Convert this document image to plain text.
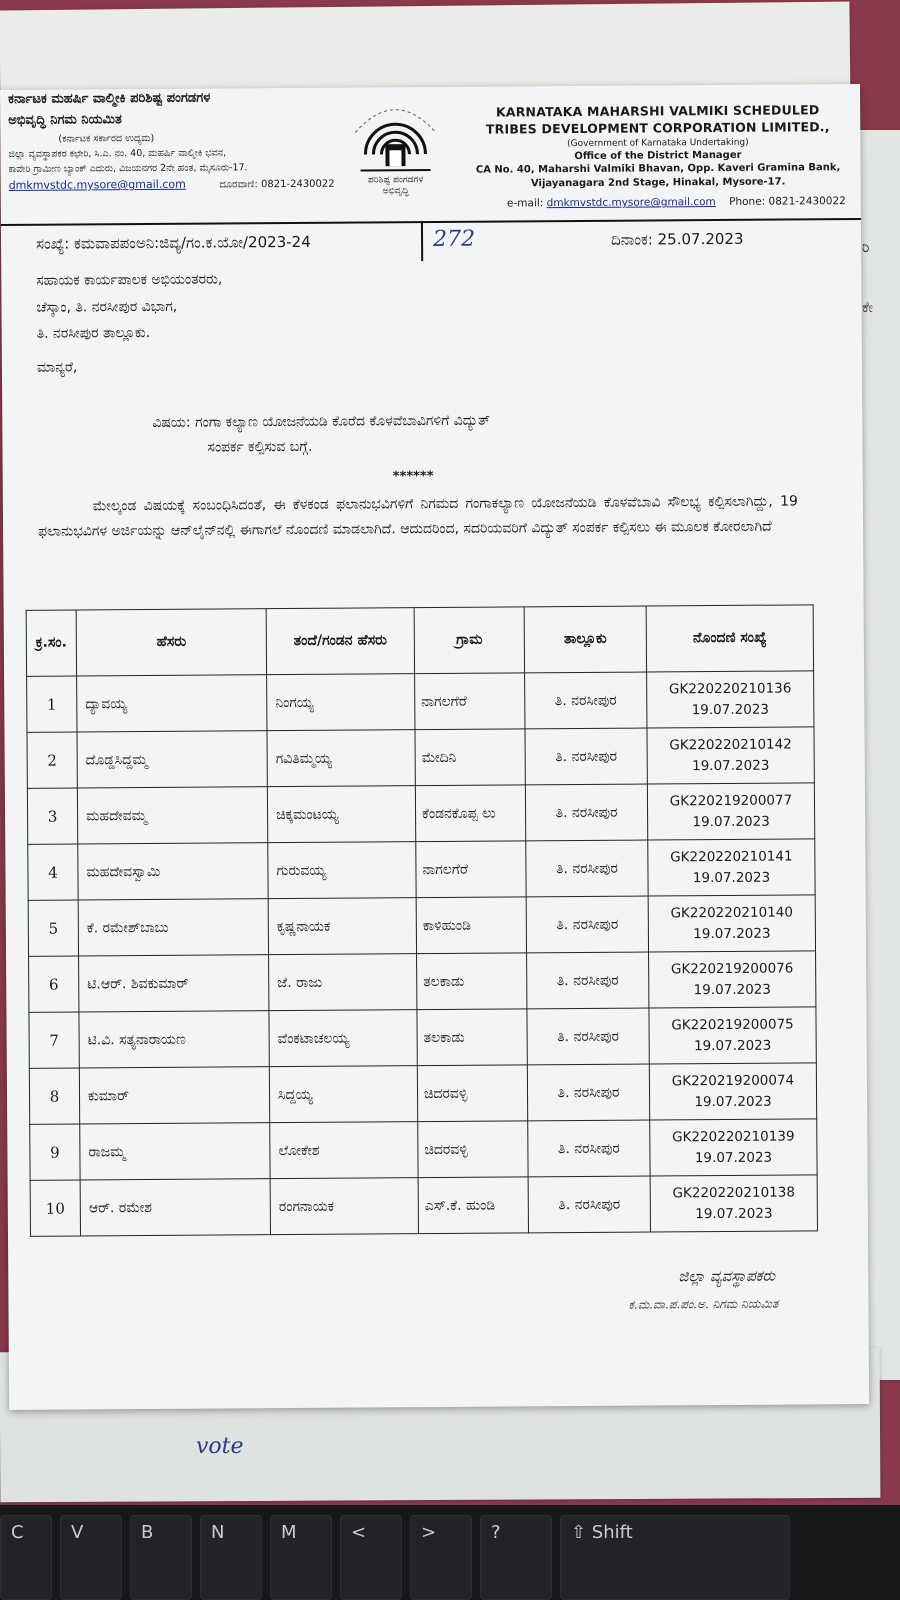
vote
ಕರ್ನಾಟಕ ಮಹರ್ಷಿ ವಾಲ್ಮೀಕಿ ಪರಿಶಿಷ್ಟ ಪಂಗಡಗಳ
ಅಭಿವೃದ್ಧಿ ನಿಗಮ ನಿಯಮಿತ
(ಕರ್ನಾಟಕ ಸರ್ಕಾರದ ಉದ್ಯಮ)
ಜಿಲ್ಲಾ ವ್ಯವಸ್ಥಾಪಕರ ಕಛೇರಿ, ಸಿ.ಎ. ನಂ. 40, ಮಹರ್ಷಿ ವಾಲ್ಮೀಕಿ ಭವನ,
ಕಾವೇರಿ ಗ್ರಾಮೀಣ ಬ್ಯಾಂಕ್ ಎದುರು, ವಿಜಯನಗರ 2ನೇ ಹಂತ, ಮೈಸೂರು-17.
dmkmvstdc.mysore@gmail.com	ದೂರವಾಣಿ: 0821-2430022	ಪರಿಶಿಷ್ಟ ಪಂಗಡಗಳ
ಅಭಿವೃದ್ಧಿ
KARNATAKA MAHARSHI VALMIKI SCHEDULED
TRIBES DEVELOPMENT CORPORATION LIMITED.,
(Government of Karnataka Undertaking)
Office of the District Manager
CA No. 40, Maharshi Valmiki Bhavan, Opp. Kaveri Gramina Bank,
Vijayanagara 2nd Stage, Hinakal, Mysore-17.
e-mail: dmkmvstdc.mysore@gmail.com Phone: 0821-2430022
ಸಂಖ್ಯೆ: ಕಮವಾಪಪಂಅನಿ:ಜಿವ್ಯ/ಗಂ.ಕ.ಯೋ/2023-24	272	ದಿನಾಂಕ: 25.07.2023
ಸಹಾಯಕ ಕಾರ್ಯಪಾಲಕ ಅಭಿಯಂತರರು,
ಚೆಸ್ಕಾಂ, ತಿ. ನರಸೀಪುರ ವಿಭಾಗ,
ತಿ. ನರಸೀಪುರ ತಾಲ್ಲೂಕು.
ಮಾನ್ಯರೆ,
ವಿಷಯ: ಗಂಗಾ ಕಲ್ಯಾಣ ಯೋಜನೆಯಡಿ ಕೊರೆದ ಕೊಳವೆಬಾವಿಗಳಿಗೆ ವಿದ್ಯುತ್
ಸಂಪರ್ಕ ಕಲ್ಪಿಸುವ ಬಗ್ಗೆ.
******
ಮೇಲ್ಕಂಡ ವಿಷಯಕ್ಕೆ ಸಂಬಂಧಿಸಿದಂತೆ, ಈ ಕೆಳಕಂಡ ಫಲಾನುಭವಿಗಳಿಗೆ ನಿಗಮದ ಗಂಗಾಕಲ್ಯಾಣ ಯೋಜನೆಯಡಿ ಕೊಳವೆಬಾವಿ ಸೌಲಭ್ಯ ಕಲ್ಪಿಸಲಾಗಿದ್ದು, 19 ಫಲಾನುಭವಿಗಳ ಅರ್ಜಿಯನ್ನು ಆನ್‌ಲೈನ್‌ನಲ್ಲಿ ಈಗಾಗಲೆ ನೊಂದಣಿ ಮಾಡಲಾಗಿದೆ. ಆದುದರಿಂದ, ಸದರಿಯವರಿಗೆ ವಿದ್ಯುತ್ ಸಂಪರ್ಕ ಕಲ್ಪಿಸಲು ಈ ಮೂಲಕ ಕೋರಲಾಗಿದೆ
ಕ್ರ.ಸಂ.	ಹೆಸರು	ತಂದೆ/ಗಂಡನ ಹೆಸರು	ಗ್ರಾಮ	ತಾಲ್ಲೂಕು	ನೊಂದಣಿ ಸಂಖ್ಯೆ
1	ದ್ಯಾವಯ್ಯ	ನಿಂಗಯ್ಯ	ನಾಗಲಗೆರೆ	ತಿ. ನರಸೀಪುರ	GK220220210136
19.07.2023

2	ದೊಡ್ಡಸಿದ್ದಮ್ಮ	ಗವಿತಿಮ್ಮಯ್ಯ	ಮೇದಿನಿ	ತಿ. ನರಸೀಪುರ	GK220220210142
19.07.2023

3	ಮಹದೇವಮ್ಮ	ಚಿಕ್ಕಮಂಟಯ್ಯ	ಕೆಂಡನಕೊಪ್ಪ ಲು	ತಿ. ನರಸೀಪುರ	GK220219200077
19.07.2023

4	ಮಹದೇವಸ್ವಾಮಿ	ಗುರುವಯ್ಯ	ನಾಗಲಗೆರೆ	ತಿ. ನರಸೀಪುರ	GK220220210141
19.07.2023

5	ಕೆ. ರಮೇಶ್‌ಬಾಬು	ಕೃಷ್ಣನಾಯಕ	ಕಾಳಿಹುಂಡಿ	ತಿ. ನರಸೀಪುರ	GK220220210140
19.07.2023

6	ಟಿ.ಆರ್. ಶಿವಕುಮಾರ್	ಜೆ. ರಾಜು	ತಲಕಾಡು	ತಿ. ನರಸೀಪುರ	GK220219200076
19.07.2023

7	ಟಿ.ವಿ. ಸತ್ಯನಾರಾಯಣ	ವೆಂಕಟಾಚಲಯ್ಯ	ತಲಕಾಡು	ತಿ. ನರಸೀಪುರ	GK220219200075
19.07.2023

8	ಕುಮಾರ್	ಸಿದ್ದಯ್ಯ	ಚಿದರವಳ್ಳಿ	ತಿ. ನರಸೀಪುರ	GK220219200074
19.07.2023

9	ರಾಜಮ್ಮ	ಲೋಕೇಶ	ಚಿದರವಳ್ಳಿ	ತಿ. ನರಸೀಪುರ	GK220220210139
19.07.2023

10	ಆರ್. ರಮೇಶ	ರಂಗನಾಯಕ	ಎಸ್.ಕೆ. ಹುಂಡಿ	ತಿ. ನರಸೀಪುರ	GK220220210138
19.07.2023
ಜಿಲ್ಲಾ ವ್ಯವಸ್ಥಾಪಕರು
ಕ.ಮ.ವಾ.ಪ.ಪಂ.ಅ. ನಿಗಮ ನಿಯಮಿತ
ರಿ
ಕೇ
C	V	B	N	M	<	>	?	⇧ Shift
